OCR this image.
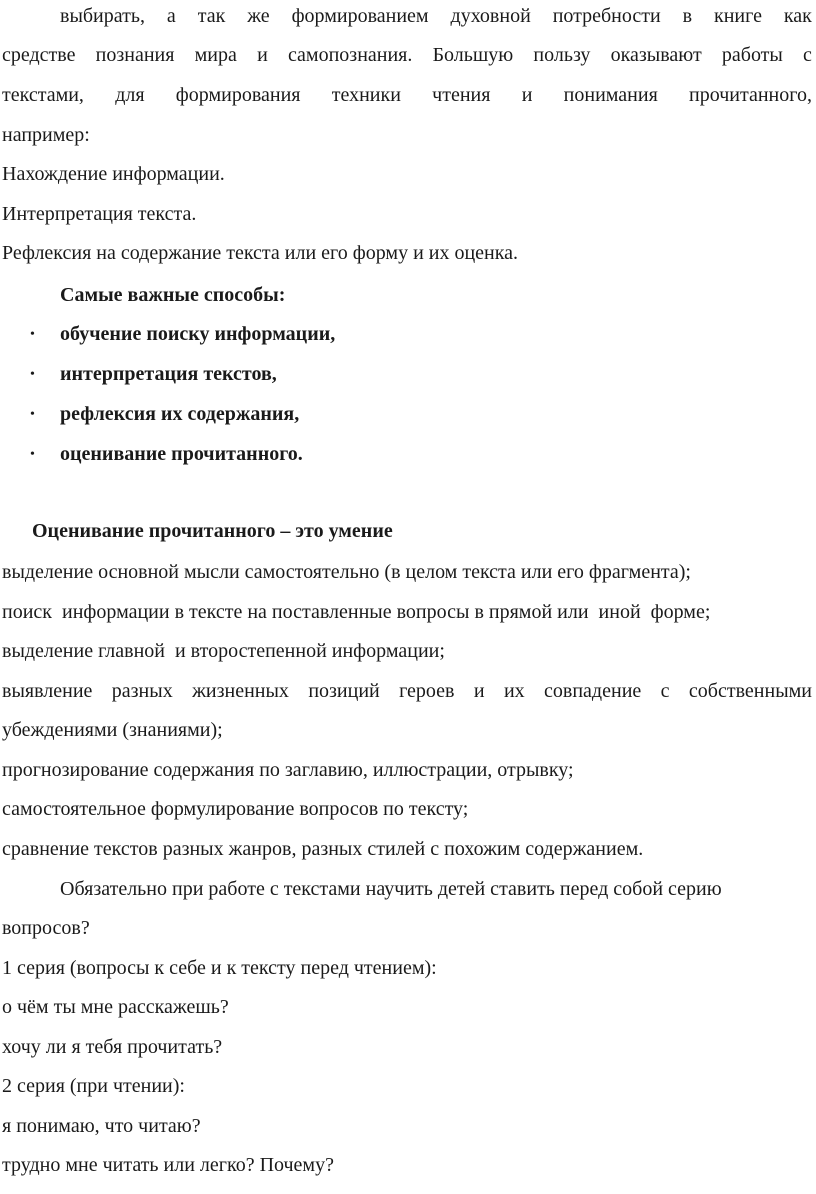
выбирать, а так же формированием духовной потребности в книге как
средстве познания мира и самопознания. Большую пользу оказывают работы с
текстами, для формирования техники чтения и понимания прочитанного,
например:
Нахождение информации.
Интерпретация текста.
Рефлексия на содержание текста или его форму и их оценка.
Самые важные способы:
• обучение поиску информации,
• интерпретация текстов,
• рефлексия их содержания,
• оценивание прочитанного.
Оценивание прочитанного – это умение
выделение основной мысли самостоятельно (в целом текста или его фрагмента);
поиск  информации в тексте на поставленные вопросы в прямой или  иной  форме;
выделение главной  и второстепенной информации;
выявление разных жизненных позиций героев и их совпадение с собственными
убеждениями (знаниями);
прогнозирование содержания по заглавию, иллюстрации, отрывку;
самостоятельное формулирование вопросов по тексту;
сравнение текстов разных жанров, разных стилей с похожим содержанием.
Обязательно при работе с текстами научить детей ставить перед собой серию
вопросов?
1 серия (вопросы к себе и к тексту перед чтением):
о чём ты мне расскажешь?
хочу ли я тебя прочитать?
2 серия (при чтении):
я понимаю, что читаю?
трудно мне читать или легко? Почему?
